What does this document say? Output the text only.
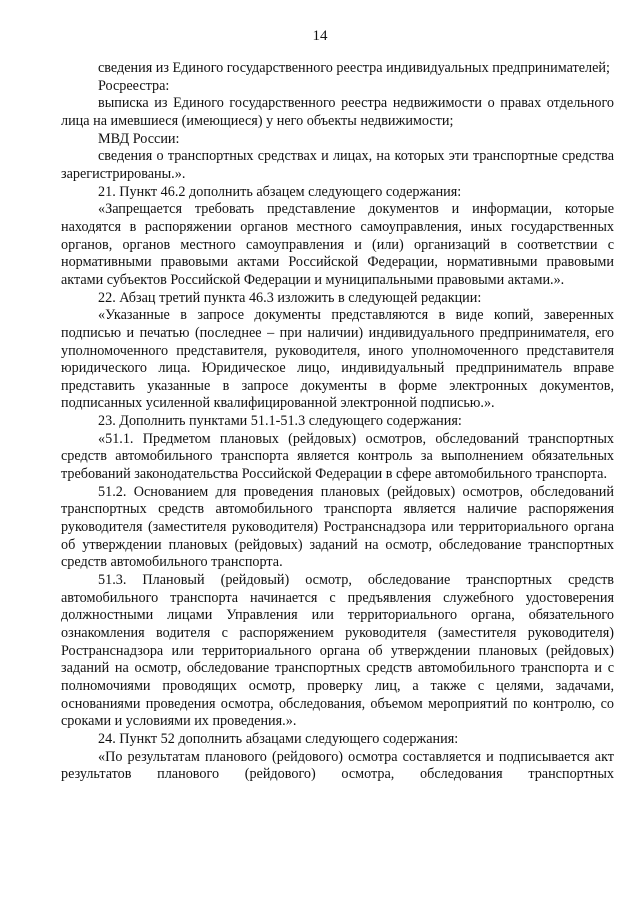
14

сведения из Единого государственного реестра индивидуальных предпринимателей;

Росреестра:

выписка из Единого государственного реестра недвижимости о правах отдельного лица на имевшиеся (имеющиеся) у него объекты недвижимости;

МВД России:

сведения о транспортных средствах и лицах, на которых эти транспортные средства зарегистрированы.».

21. Пункт 46.2 дополнить абзацем следующего содержания:

«Запрещается требовать представление документов и информации, которые находятся в распоряжении органов местного самоуправления, иных государственных органов, органов местного самоуправления и (или) организаций в соответствии с нормативными правовыми актами Российской Федерации, нормативными правовыми актами субъектов Российской Федерации и муниципальными правовыми актами.».

22. Абзац третий пункта 46.3 изложить в следующей редакции:

«Указанные в запросе документы представляются в виде копий, заверенных подписью и печатью (последнее – при наличии) индивидуального предпринимателя, его уполномоченного представителя, руководителя, иного уполномоченного представителя юридического лица. Юридическое лицо, индивидуальный предприниматель вправе представить указанные в запросе документы в форме электронных документов, подписанных усиленной квалифицированной электронной подписью.».

23. Дополнить пунктами 51.1-51.3 следующего содержания:

«51.1. Предметом плановых (рейдовых) осмотров, обследований транспортных средств автомобильного транспорта является контроль за выполнением обязательных требований законодательства Российской Федерации в сфере автомобильного транспорта.

51.2. Основанием для проведения плановых (рейдовых) осмотров, обследований транспортных средств автомобильного транспорта является наличие распоряжения руководителя (заместителя руководителя) Ространснадзора или территориального органа об утверждении плановых (рейдовых) заданий на осмотр, обследование транспортных средств автомобильного транспорта.

51.3. Плановый (рейдовый) осмотр, обследование транспортных средств автомобильного транспорта начинается с предъявления служебного удостоверения должностными лицами Управления или территориального органа, обязательного ознакомления водителя с распоряжением руководителя (заместителя руководителя) Ространснадзора или территориального органа об утверждении плановых (рейдовых) заданий на осмотр, обследование транспортных средств автомобильного транспорта и с полномочиями проводящих осмотр, проверку лиц, а также с целями, задачами, основаниями проведения осмотра, обследования, объемом мероприятий по контролю, со сроками и условиями их проведения.».

24. Пункт 52 дополнить абзацами следующего содержания:

«По результатам планового (рейдового) осмотра составляется и подписывается акт результатов планового (рейдового) осмотра, обследования транспортных
